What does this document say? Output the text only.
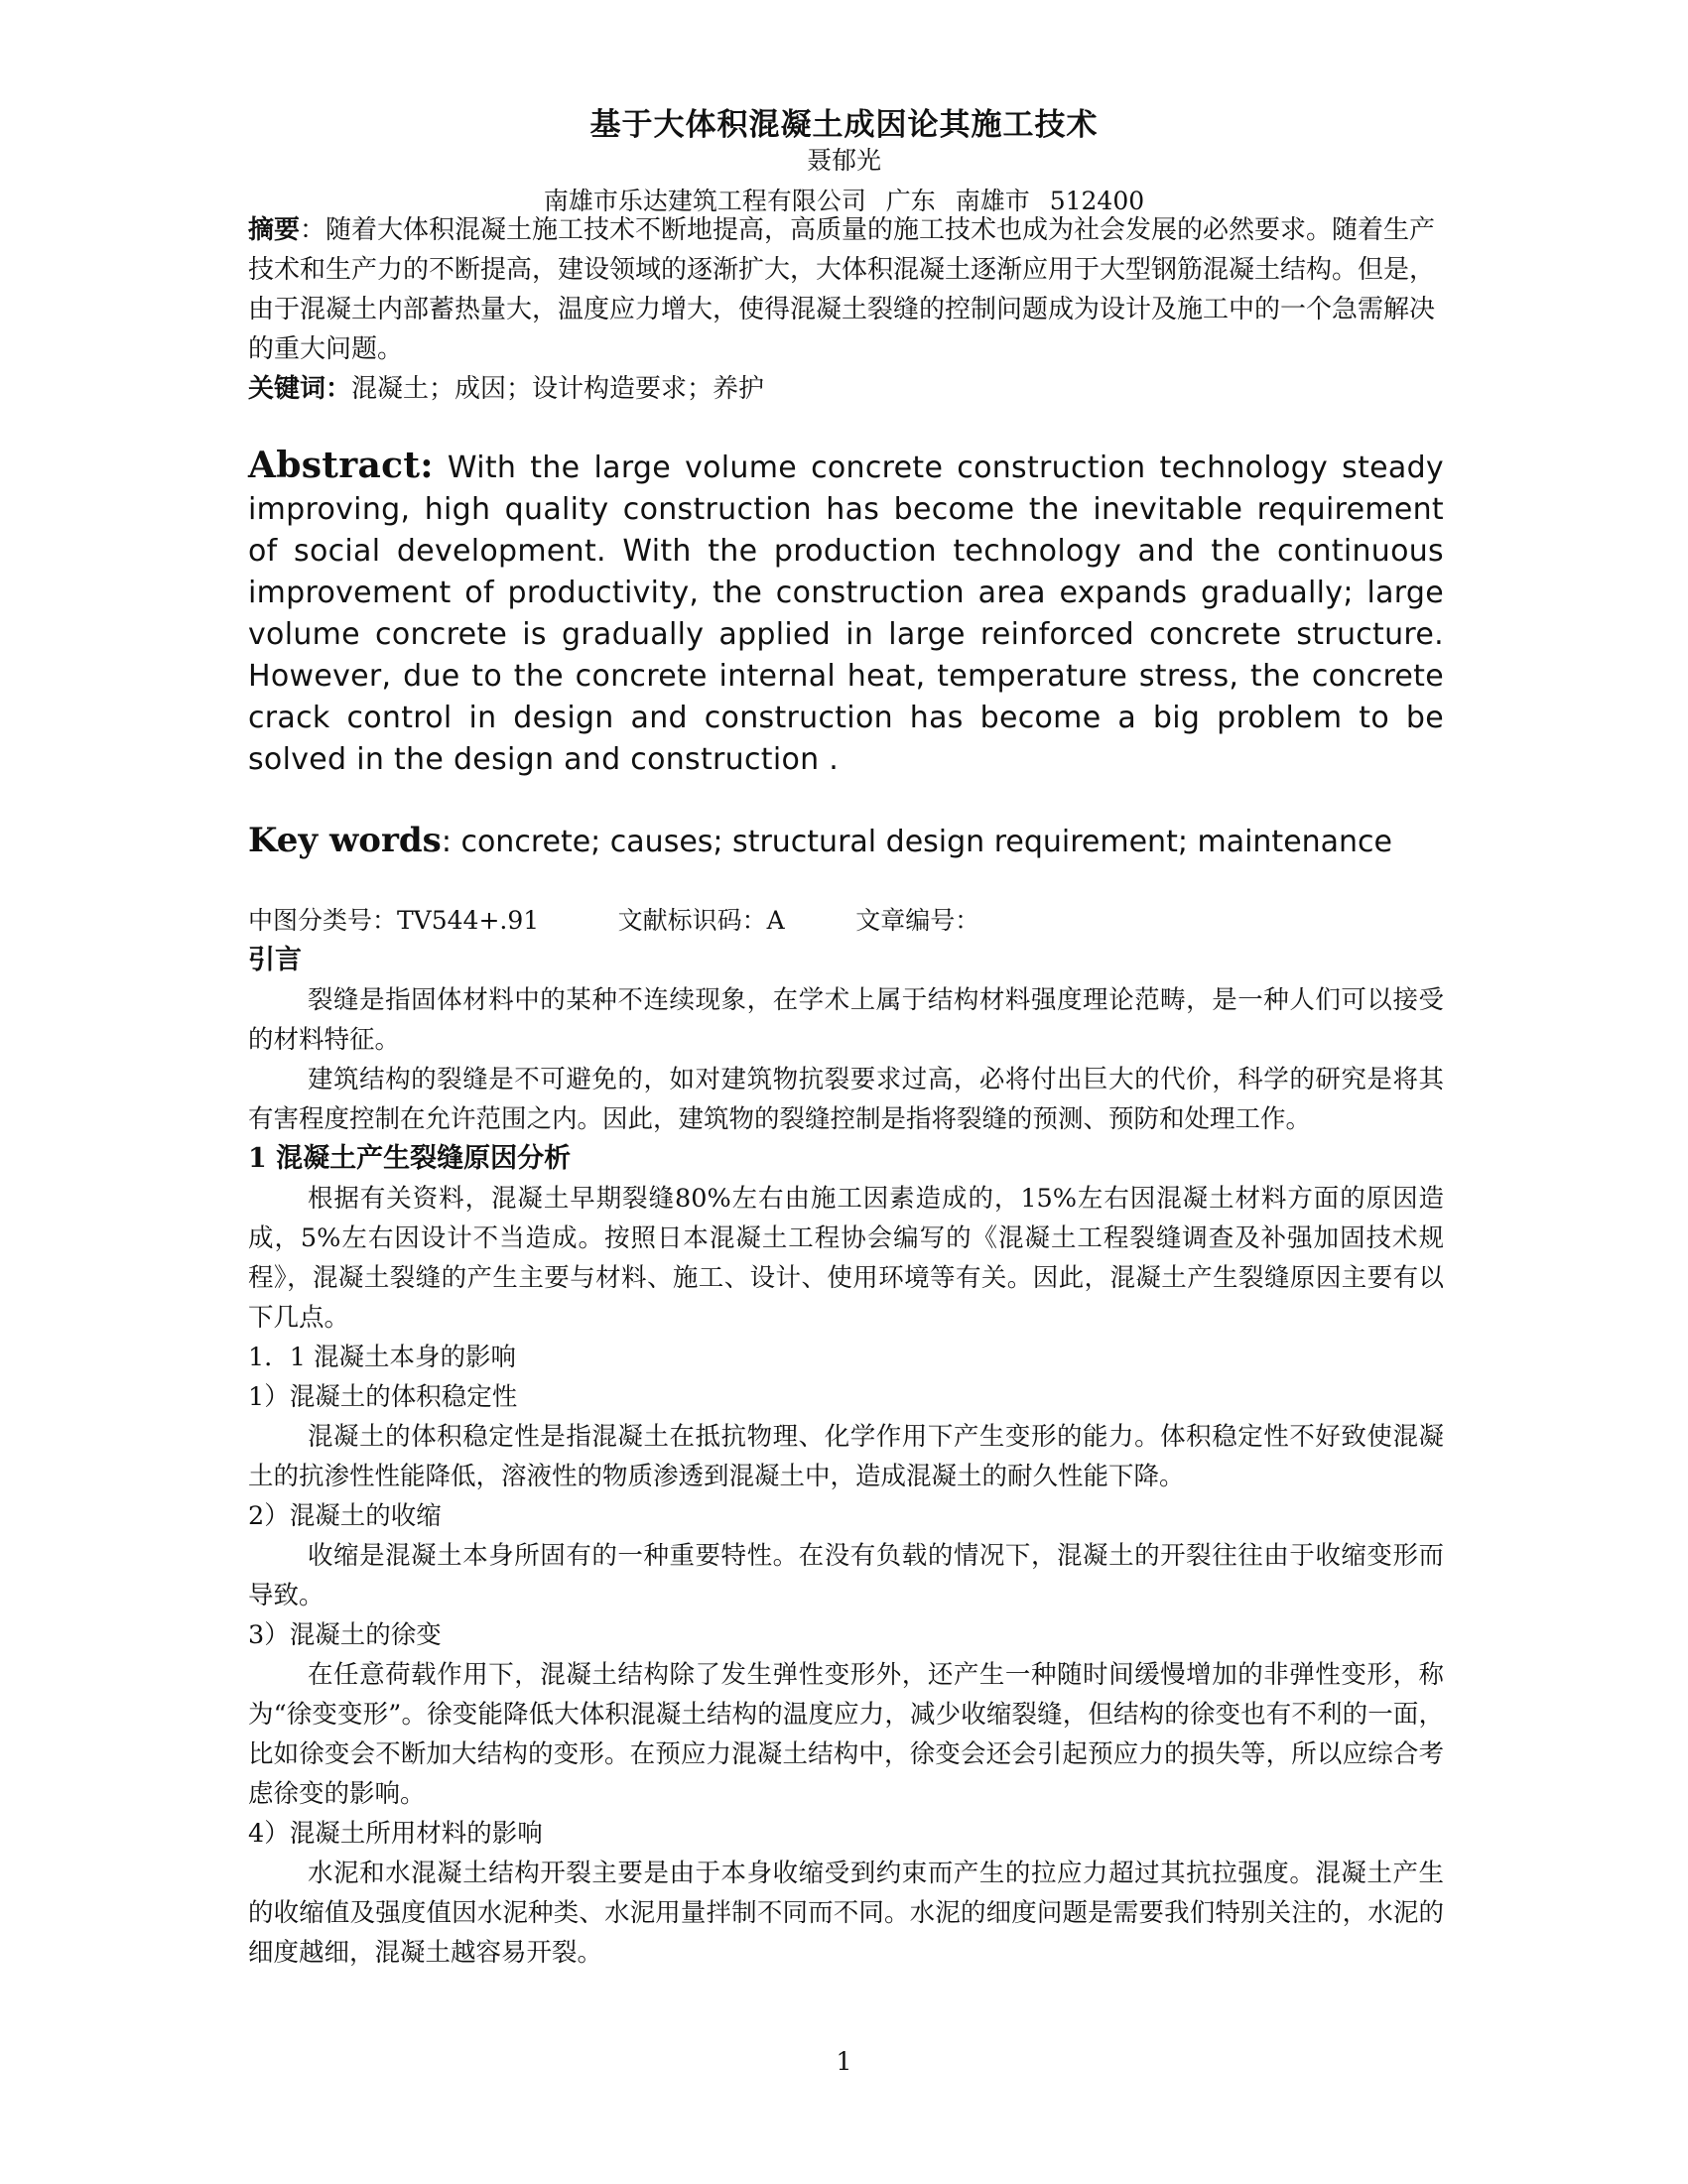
基于大体积混凝土成因论其施工技术
聂郁光
南雄市乐达建筑工程有限公司 广东 南雄市 512400
摘要：随着大体积混凝土施工技术不断地提高，高质量的施工技术也成为社会发展的必然要求。随着生产技术和生产力的不断提高，建设领域的逐渐扩大，大体积混凝土逐渐应用于大型钢筋混凝土结构。但是，由于混凝土内部蓄热量大，温度应力增大，使得混凝土裂缝的控制问题成为设计及施工中的一个急需解决的重大问题。
关键词：混凝土；成因；设计构造要求；养护
Abstract: With the large volume concrete construction technology steady improving, high quality construction has become the inevitable requirement of social development. With the production technology and the continuous improvement of productivity, the construction area expands gradually; large volume concrete is gradually applied in large reinforced concrete structure. However, due to the concrete internal heat, temperature stress, the concrete crack control in design and construction has become a big problem to be solved in the design and construction .
Key words: concrete; causes; structural design requirement; maintenance
中图分类号：TV544+.91          文献标识码：A         文章编号：

引言

裂缝是指固体材料中的某种不连续现象，在学术上属于结构材料强度理论范畴，是一种人们可以接受的材料特征。

建筑结构的裂缝是不可避免的，如对建筑物抗裂要求过高，必将付出巨大的代价，科学的研究是将其有害程度控制在允许范围之内。因此，建筑物的裂缝控制是指将裂缝的预测、预防和处理工作。

1 混凝土产生裂缝原因分析

根据有关资料，混凝土早期裂缝80%左右由施工因素造成的，15%左右因混凝土材料方面的原因造成，5%左右因设计不当造成。按照日本混凝土工程协会编写的《混凝土工程裂缝调查及补强加固技术规程》，混凝土裂缝的产生主要与材料、施工、设计、使用环境等有关。因此，混凝土产生裂缝原因主要有以下几点。

1．1 混凝土本身的影响

1）混凝土的体积稳定性

混凝土的体积稳定性是指混凝土在抵抗物理、化学作用下产生变形的能力。体积稳定性不好致使混凝土的抗渗性性能降低，溶液性的物质渗透到混凝土中，造成混凝土的耐久性能下降。

2）混凝土的收缩

收缩是混凝土本身所固有的一种重要特性。在没有负载的情况下，混凝土的开裂往往由于收缩变形而导致。

3）混凝土的徐变

在任意荷载作用下，混凝土结构除了发生弹性变形外，还产生一种随时间缓慢增加的非弹性变形，称为“徐变变形”。徐变能降低大体积混凝土结构的温度应力，减少收缩裂缝，但结构的徐变也有不利的一面，比如徐变会不断加大结构的变形。在预应力混凝土结构中，徐变会还会引起预应力的损失等，所以应综合考虑徐变的影响。

4）混凝土所用材料的影响

水泥和水混凝土结构开裂主要是由于本身收缩受到约束而产生的拉应力超过其抗拉强度。混凝土产生的收缩值及强度值因水泥种类、水泥用量拌制不同而不同。水泥的细度问题是需要我们特别关注的，水泥的细度越细，混凝土越容易开裂。

1
